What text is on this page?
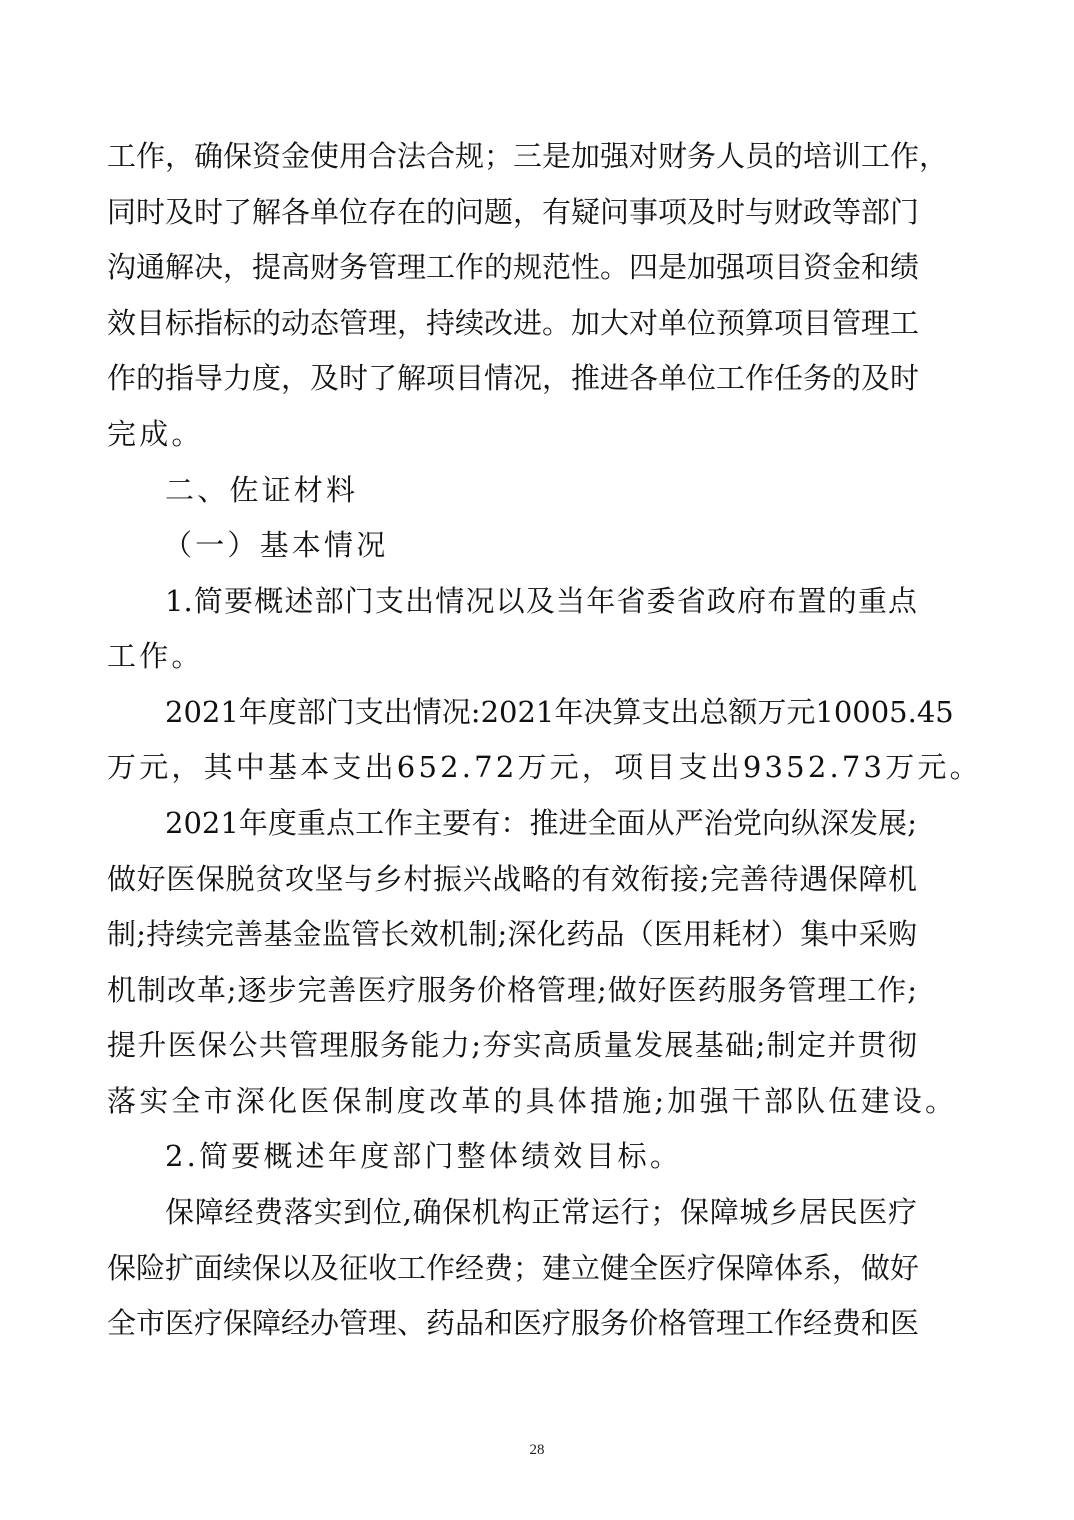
工作，确保资金使用合法合规；三是加强对财务人员的培训工作，
同时及时了解各单位存在的问题，有疑问事项及时与财政等部门
沟通解决，提高财务管理工作的规范性。四是加强项目资金和绩
效目标指标的动态管理，持续改进。加大对单位预算项目管理工
作的指导力度，及时了解项目情况，推进各单位工作任务的及时
完成。
二、佐证材料
（一）基本情况
1.简要概述部门支出情况以及当年省委省政府布置的重点
工作。
2021年度部门支出情况:2021年决算支出总额万元10005.45
万元，其中基本支出652.72万元，项目支出9352.73万元。
2021年度重点工作主要有：推进全面从严治党向纵深发展;
做好医保脱贫攻坚与乡村振兴战略的有效衔接;完善待遇保障机
制;持续完善基金监管长效机制;深化药品（医用耗材）集中采购
机制改革;逐步完善医疗服务价格管理;做好医药服务管理工作;
提升医保公共管理服务能力;夯实高质量发展基础;制定并贯彻
落实全市深化医保制度改革的具体措施;加强干部队伍建设。
2.简要概述年度部门整体绩效目标。
保障经费落实到位,确保机构正常运行；保障城乡居民医疗
保险扩面续保以及征收工作经费；建立健全医疗保障体系，做好
全市医疗保障经办管理、药品和医疗服务价格管理工作经费和医
28
